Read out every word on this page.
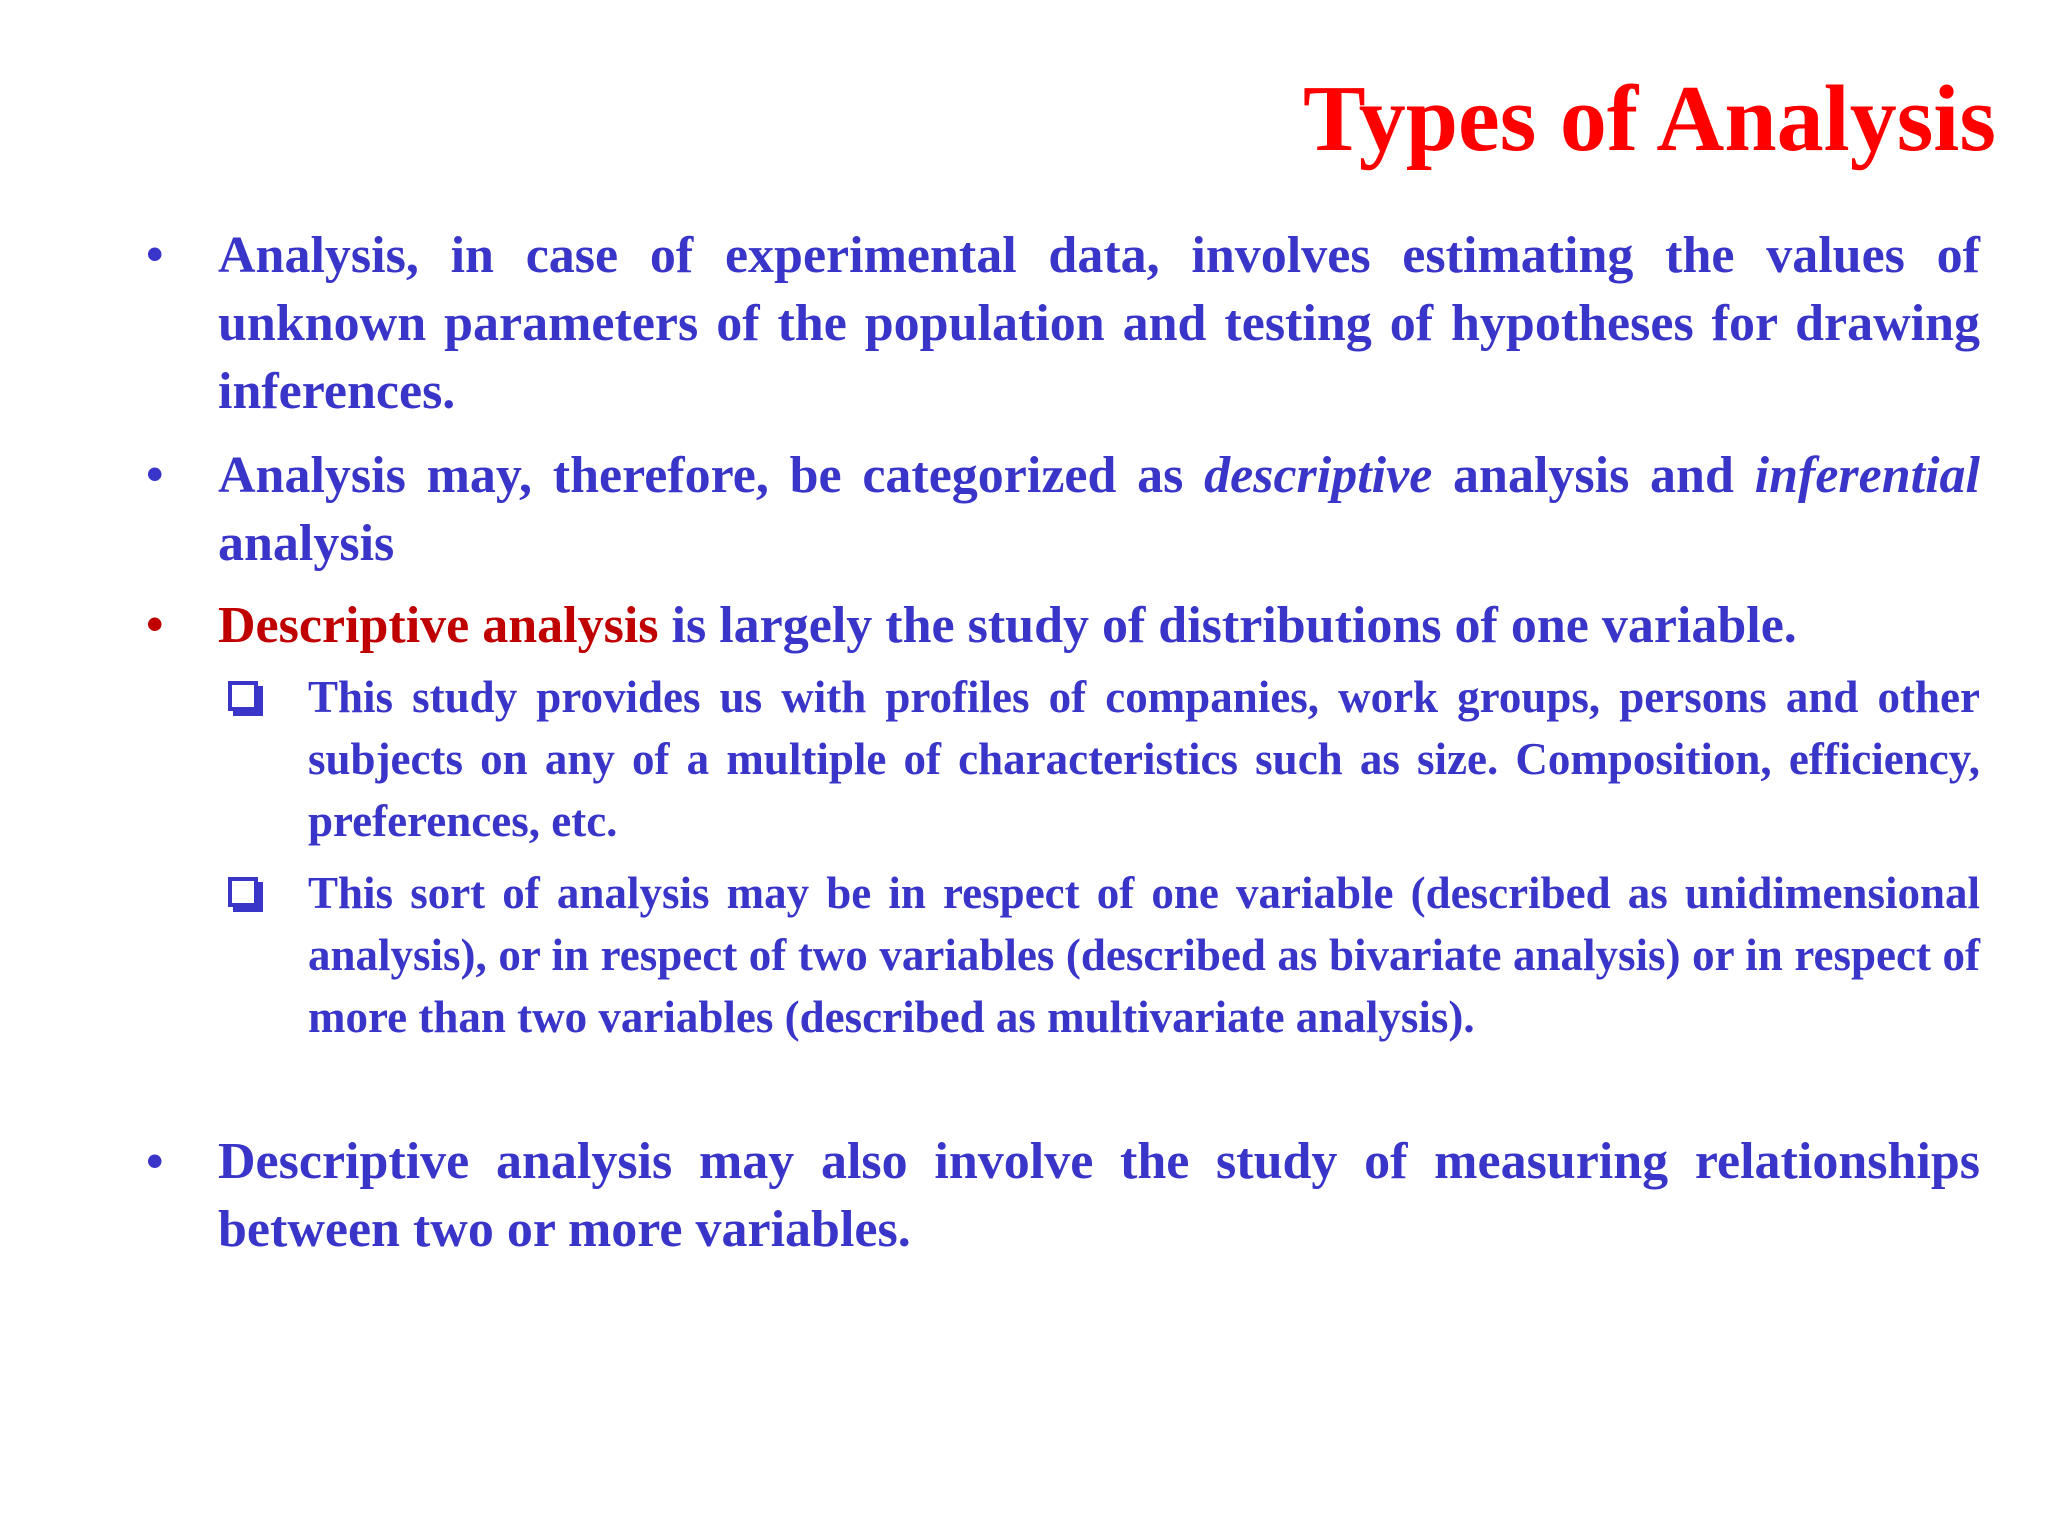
Types of Analysis
• Analysis, in case of experimental data, involves estimating the values of unknown parameters of the population and testing of hypotheses for drawing inferences.
• Analysis may, therefore, be categorized as descriptive analysis and inferential analysis
• Descriptive analysis is largely the study of distributions of one variable.
This study provides us with profiles of companies, work groups, persons and other subjects on any of a multiple of characteristics such as size. Composition, efficiency, preferences, etc.
This sort of analysis may be in respect of one variable (described as unidimensional analysis), or in respect of two variables (described as bivariate analysis) or in respect of more than two variables (described as multivariate analysis).
• Descriptive analysis may also involve the study of measuring relationships between two or more variables.
